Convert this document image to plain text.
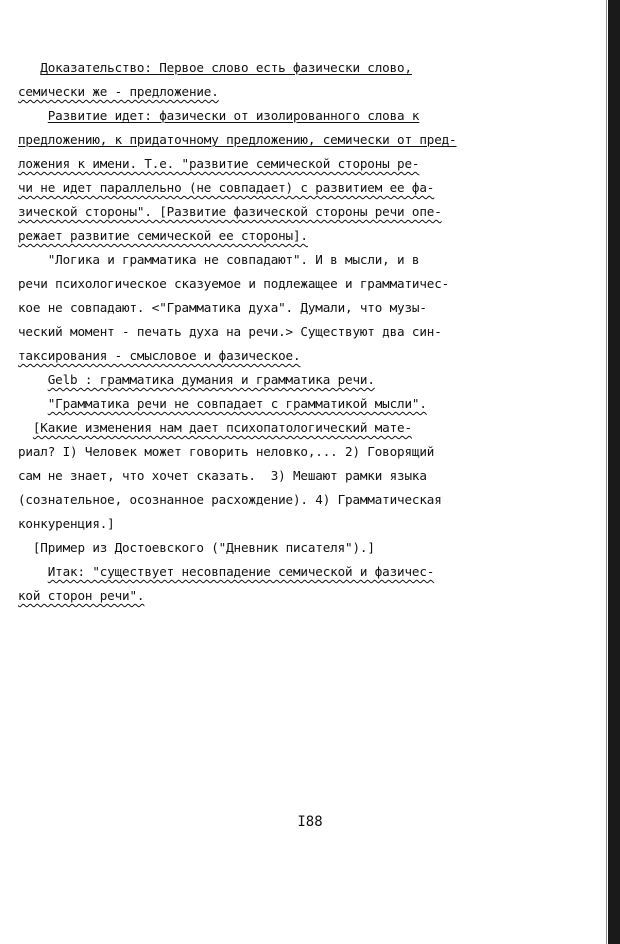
Доказательство: Первое слово есть фазически слово,
семически же - предложение.
Развитие идет: фазически от изолированного слова к
предложению, к придаточному предложению, семически от пред-
ложения к имени. Т.е. "развитие семической стороны ре-
чи не идет параллельно (не совпадает) с развитием ее фа-
зической стороны". [Развитие фазической стороны речи опе-
режает развитие семической ее стороны].
"Логика и грамматика не совпадают". И в мысли, и в
речи психологическое сказуемое и подлежащее и грамматичес-
кое не совпадают. <"Грамматика духа". Думали, что музы-
ческий момент - печать духа на речи.> Существуют два син-
таксирования - смысловое и фазическое.
Gelb : грамматика думания и грамматика речи.
"Грамматика речи не совпадает с грамматикой мысли".
[Какие изменения нам дает психопатологический мате-
риал? I) Человек может говорить неловко,... 2) Говорящий
сам не знает, что хочет сказать.  3) Мешают рамки языка
(сознательное, осознанное расхождение). 4) Грамматическая
конкуренция.]
[Пример из Достоевского ("Дневник писателя").]
Итак: "существует несовпадение семической и фазичес-
кой сторон речи".
I88
